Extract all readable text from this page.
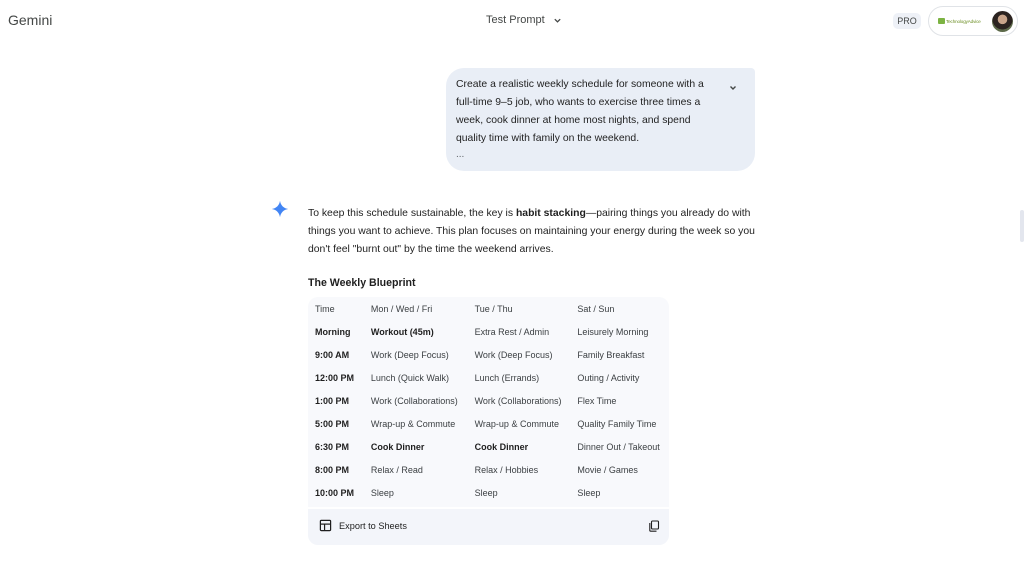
Gemini	Test Prompt	PRO	TechnologyAdvice
Create a realistic weekly schedule for someone with a full-time 9–5 job, who wants to exercise three times a week, cook dinner at home most nights, and spend quality time with family on the weekend.
...
To keep this schedule sustainable, the key is habit stacking—pairing things you already do with things you want to achieve. This plan focuses on maintaining your energy during the week so you don't feel "burnt out" by the time the weekend arrives.
The Weekly Blueprint
Time	Mon / Wed / Fri	Tue / Thu	Sat / Sun
Morning	Workout (45m)	Extra Rest / Admin	Leisurely Morning
9:00 AM	Work (Deep Focus)	Work (Deep Focus)	Family Breakfast
12:00 PM	Lunch (Quick Walk)	Lunch (Errands)	Outing / Activity
1:00 PM	Work (Collaborations)	Work (Collaborations)	Flex Time
5:00 PM	Wrap-up & Commute	Wrap-up & Commute	Quality Family Time
6:30 PM	Cook Dinner	Cook Dinner	Dinner Out / Takeout
8:00 PM	Relax / Read	Relax / Hobbies	Movie / Games
10:00 PM	Sleep	Sleep	Sleep
Export to Sheets
